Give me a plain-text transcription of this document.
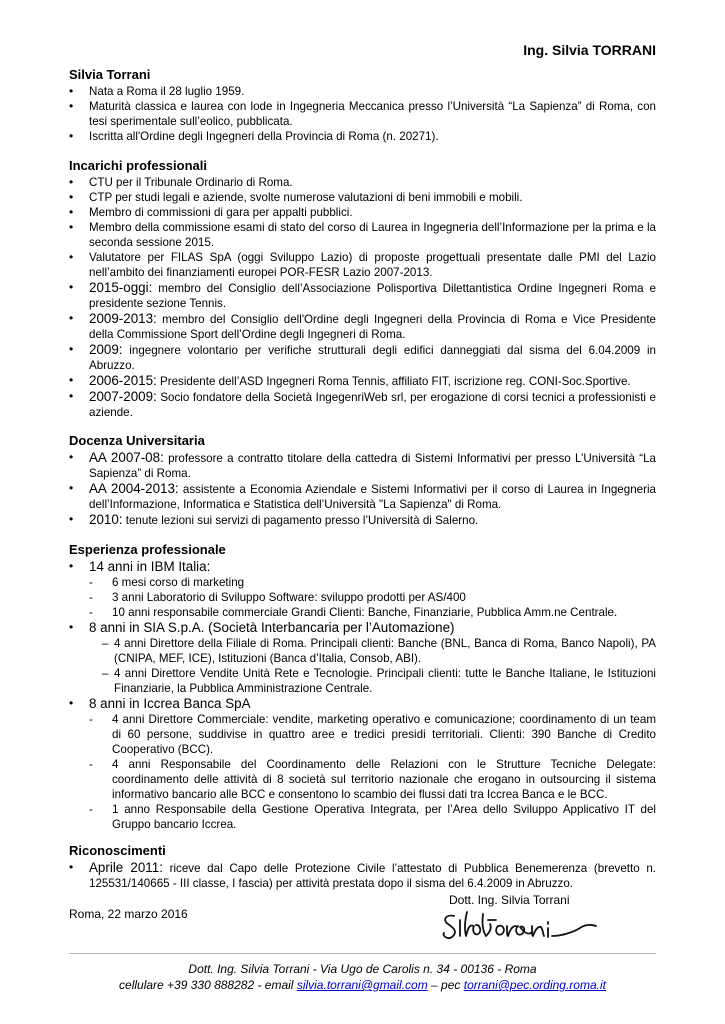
Ing. Silvia TORRANI
Silvia Torrani
• Nata a Roma il 28 luglio 1959.
• Maturità classica e laurea con lode in Ingegneria Meccanica presso l’Università “La Sapienza” di Roma, con tesi sperimentale sull’eolico, pubblicata.
• Iscritta all'Ordine degli Ingegneri della Provincia di Roma (n. 20271).
Incarichi professionali
• CTU per il Tribunale Ordinario di Roma.
• CTP per studi legali e aziende, svolte numerose valutazioni di beni immobili e mobili.
• Membro di commissioni di gara per appalti pubblici.
• Membro della commissione esami di stato del corso di Laurea in Ingegneria dell’Informazione per la prima e la seconda sessione 2015.
• Valutatore per FILAS SpA (oggi Sviluppo Lazio) di proposte progettuali presentate dalle PMI del Lazio nell’ambito dei finanziamenti europei POR-FESR Lazio 2007-2013.
• 2015-oggi: membro del Consiglio dell’Associazione Polisportiva Dilettantistica Ordine Ingegneri Roma e presidente sezione Tennis.
• 2009-2013: membro del Consiglio dell'Ordine degli Ingegneri della Provincia di Roma e Vice Presidente della Commissione Sport dell’Ordine degli Ingegneri di Roma.
• 2009: ingegnere volontario per verifiche strutturali degli edifici danneggiati dal sisma del 6.04.2009 in Abruzzo.
• 2006-2015: Presidente dell’ASD Ingegneri Roma Tennis, affiliato FIT, iscrizione reg. CONI-Soc.Sportive.
• 2007-2009: Socio fondatore della Società IngegenriWeb srl, per erogazione di corsi tecnici a professionisti e aziende.
Docenza Universitaria
• AA 2007-08: professore a contratto titolare della cattedra di Sistemi Informativi per presso L’Università “La Sapienza” di Roma.
• AA 2004-2013: assistente a Economia Aziendale e Sistemi Informativi per il corso di Laurea in Ingegneria dell’Informazione, Informatica e Statistica dell’Università "La Sapienza" di Roma.
• 2010: tenute lezioni sui servizi di pagamento presso l’Università di Salerno.
Esperienza professionale
• 14 anni in IBM Italia:
- 6 mesi corso di marketing
- 3 anni Laboratorio di Sviluppo Software: sviluppo prodotti per AS/400
- 10 anni responsabile commerciale Grandi Clienti: Banche, Finanziarie, Pubblica Amm.ne Centrale.
• 8 anni in SIA S.p.A. (Società Interbancaria per l’Automazione)
– 4 anni Direttore della Filiale di Roma. Principali clienti: Banche (BNL, Banca di Roma, Banco Napoli), PA (CNIPA, MEF, ICE), Istituzioni (Banca d’Italia, Consob, ABI).
– 4 anni Direttore Vendite Unità Rete e Tecnologie. Principali clienti: tutte le Banche Italiane, le Istituzioni Finanziarie, la Pubblica Amministrazione Centrale.
• 8 anni in Iccrea Banca SpA
- 4 anni Direttore Commerciale: vendite, marketing operativo e comunicazione; coordinamento di un team di 60 persone, suddivise in quattro aree e tredici presidi territoriali. Clienti: 390 Banche di Credito Cooperativo (BCC).
- 4 anni Responsabile del Coordinamento delle Relazioni con le Strutture Tecniche Delegate: coordinamento delle attività di 8 società sul territorio nazionale che erogano in outsourcing il sistema informativo bancario alle BCC e consentono lo scambio dei flussi dati tra Iccrea Banca e le BCC.
- 1 anno Responsabile della Gestione Operativa Integrata, per l’Area dello Sviluppo Applicativo IT del Gruppo bancario Iccrea.
Riconoscimenti
• Aprile 2011: riceve dal Capo delle Protezione Civile l’attestato di Pubblica Benemerenza (brevetto n. 125531/140665 - III classe, I fascia) per attività prestata dopo il sisma del 6.4.2009 in Abruzzo.
Dott. Ing. Silvia Torrani
Roma, 22 marzo 2016
Dott. Ing. Silvia Torrani - Via Ugo de Carolis n. 34 - 00136 - Roma
cellulare +39 330 888282 - email silvia.torrani@gmail.com – pec torrani@pec.ording.roma.it
